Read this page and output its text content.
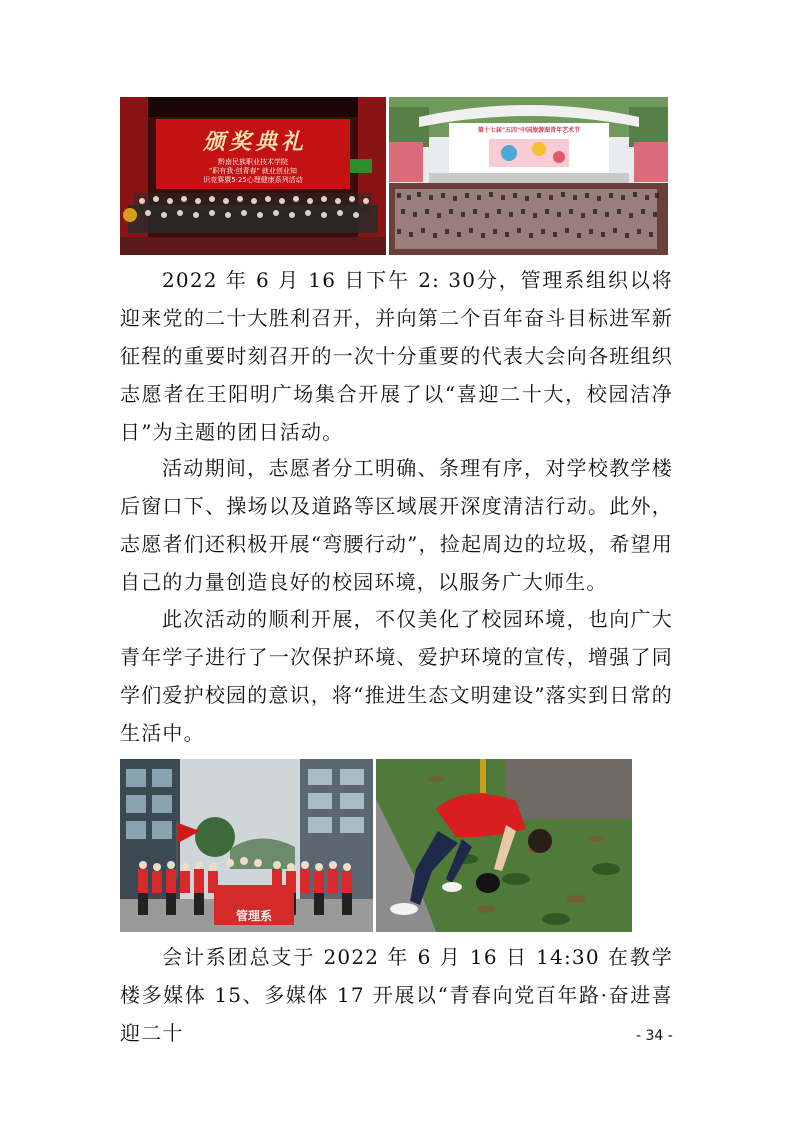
颁奖典礼
黔南民族职业技术学院
"职有我·创青春" 就业创业知
识竞赛暨5·25心理健康系列活动
第十七届"五四"中国旅游图青年艺术节

2022 年 6 月 16 日下午 2: 30分，管理系组织以将迎来党的二十大胜利召开，并向第二个百年奋斗目标进军新征程的重要时刻召开的一次十分重要的代表大会向各班组织志愿者在王阳明广场集合开展了以“喜迎二十大，校园洁净日”为主题的团日活动。

活动期间，志愿者分工明确、条理有序，对学校教学楼后窗口下、操场以及道路等区域展开深度清洁行动。此外，志愿者们还积极开展“弯腰行动”，捡起周边的垃圾，希望用自己的力量创造良好的校园环境，以服务广大师生。

此次活动的顺利开展，不仅美化了校园环境，也向广大青年学子进行了一次保护环境、爱护环境的宣传，增强了同学们爱护校园的意识，将“推进生态文明建设”落实到日常的生活中。

管理系

会计系团总支于 2022 年 6 月 16 日 14:30 在教学楼多媒体 15、多媒体 17 开展以“青春向党百年路·奋进喜迎二十	- 34 -
